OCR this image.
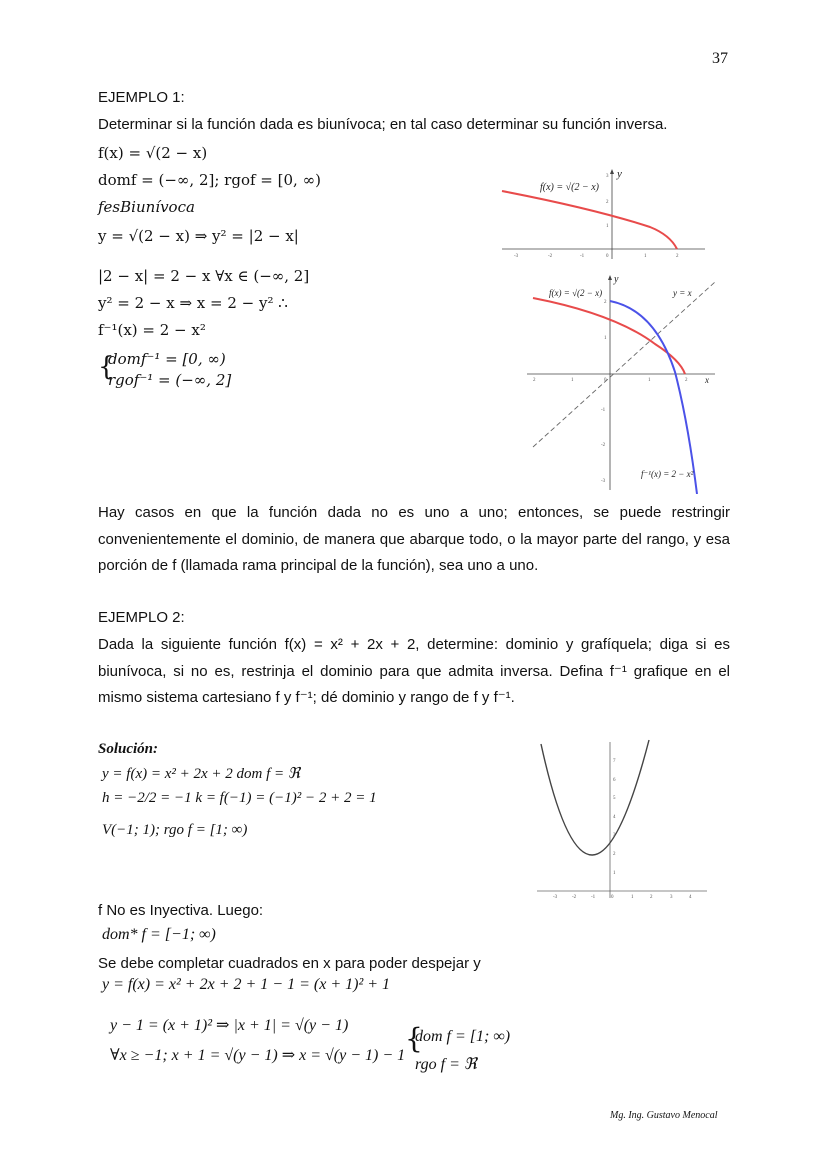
37
EJEMPLO 1:
Determinar si la función dada es biunívoca; en tal caso determinar su función inversa.
f(x) = √(2 − x)
domf = (−∞, 2]; rgof = [0, ∞)
fesBiunívoca
y = √(2 − x) ⇒ y² = |2 − x|
|2 − x| = 2 − x ∀x ∈ (−∞, 2]
y² = 2 − x ⇒ x = 2 − y² ∴
f⁻¹(x) = 2 − x²
{
domf⁻¹ = [0, ∞)
rgof⁻¹ = (−∞, 2]
f(x) = √(2 − x)
y
-3	-2	-1	0	1	2
3
2
1
f(x) = √(2 − x)	y = x
f⁻¹(x) = 2 − x²
x
y
2	1	0	1	2
2
1
-1
-2
-3
Hay casos en que la función dada no es uno a uno; entonces, se puede restringir convenientemente el dominio, de manera que abarque todo, o la mayor parte del rango, y esa porción de f (llamada rama principal de la función), sea uno a uno.
EJEMPLO 2:
Dada la siguiente función f(x) = x² + 2x + 2, determine: dominio y grafíquela; diga si es biunívoca, si no es, restrinja el dominio para que admita inversa. Defina f⁻¹ grafique en el mismo sistema cartesiano f y f⁻¹; dé dominio y rango de f y f⁻¹.
Solución:
y = f(x) = x² + 2x + 2 dom f = ℜ
h = −2/2 = −1 k = f(−1) = (−1)² − 2 + 2 = 1
V(−1; 1); rgo f = [1; ∞)
-3	-2	-1	0	1	2	3	4
7
6
5
4
3
2
1
f No es Inyectiva. Luego:
dom* f = [−1; ∞)
Se debe completar cuadrados en x para poder despejar y
y = f(x) = x² + 2x + 2 + 1 − 1 = (x + 1)² + 1
y − 1 = (x + 1)² ⇒ |x + 1| = √(y − 1)
∀x ≥ −1; x + 1 = √(y − 1) ⇒ x = √(y − 1) − 1
{
dom f = [1; ∞)
rgo f = ℜ
Mg. Ing. Gustavo Menocal
